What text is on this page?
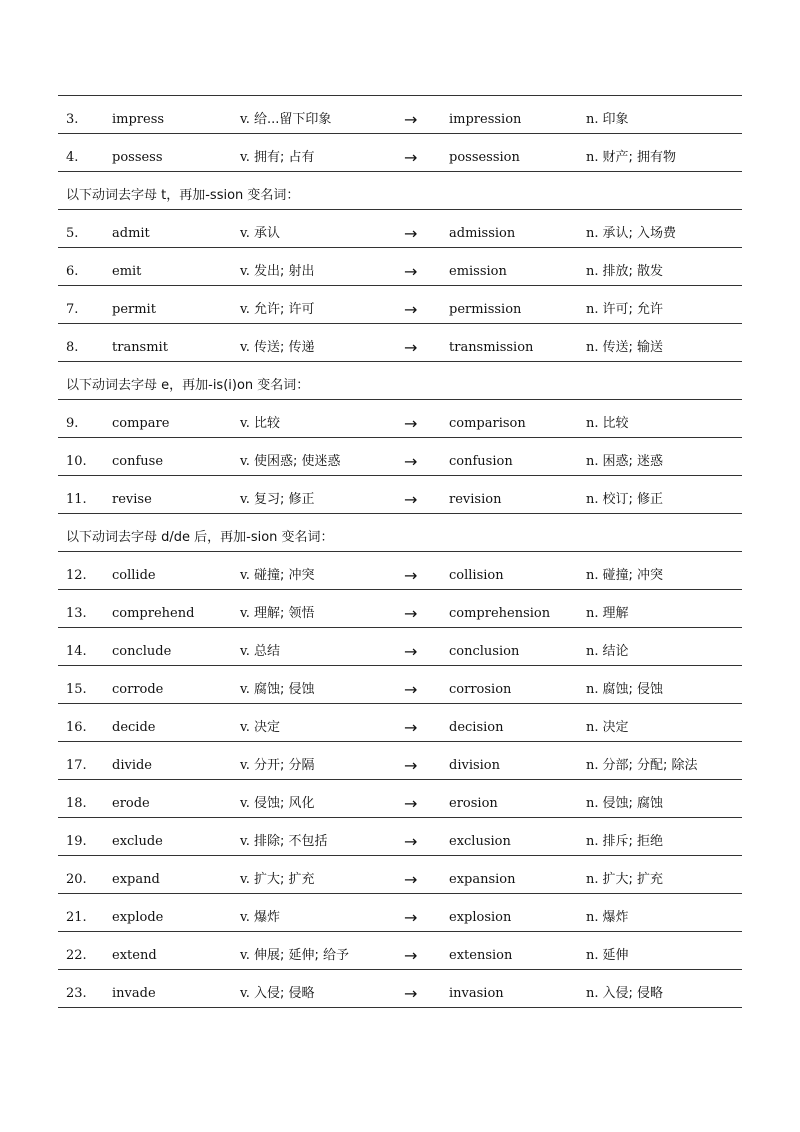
3.	impress	v. 给...留下印象	→ impression	n. 印象
4.	possess	v. 拥有; 占有	→ possession	n. 财产; 拥有物
以下动词去字母 t，再加-ssion 变名词：
5.	admit	v. 承认	→ admission	n. 承认; 入场费
6.	emit	v. 发出; 射出	→ emission	n. 排放; 散发
7.	permit	v. 允许; 许可	→ permission	n. 许可; 允许
8.	transmit	v. 传送; 传递	→ transmission	n. 传送; 输送
以下动词去字母 e，再加-is(i)on 变名词：
9.	compare	v. 比较	→ comparison	n. 比较
10. confuse	v. 使困惑; 使迷惑	→ confusion	n. 困惑; 迷惑
11. revise	v. 复习; 修正	→ revision	n. 校订; 修正
以下动词去字母 d/de 后，再加-sion 变名词：
12. collide	v. 碰撞; 冲突	→ collision	n. 碰撞; 冲突
13. comprehend	v. 理解; 领悟	→ comprehension	n. 理解
14. conclude	v. 总结	→ conclusion	n. 结论
15. corrode	v. 腐蚀; 侵蚀	→ corrosion	n. 腐蚀; 侵蚀
16. decide	v. 决定	→ decision	n. 决定
17. divide	v. 分开; 分隔	→ division	n. 分部; 分配; 除法
18. erode	v. 侵蚀; 风化	→ erosion	n. 侵蚀; 腐蚀
19. exclude	v. 排除; 不包括	→ exclusion	n. 排斥; 拒绝
20. expand	v. 扩大; 扩充	→ expansion	n. 扩大; 扩充
21. explode	v. 爆炸	→ explosion	n. 爆炸
22. extend	v. 伸展; 延伸; 给予	→ extension	n. 延伸
23. invade	v. 入侵; 侵略	→ invasion	n. 入侵; 侵略
